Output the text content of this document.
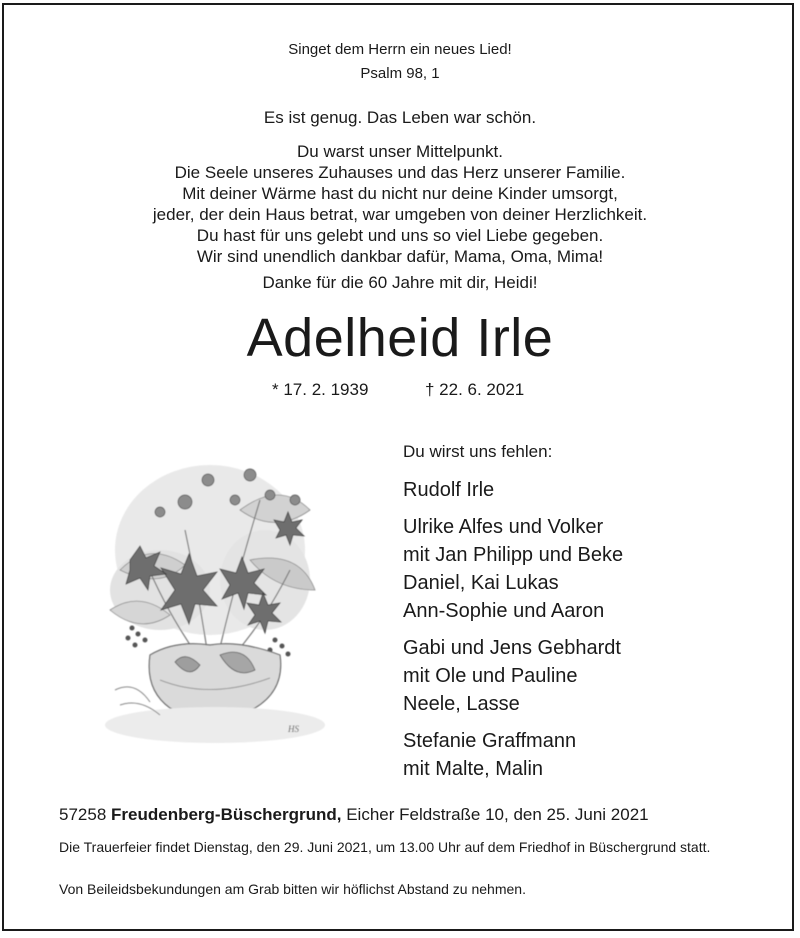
Singet dem Herrn ein neues Lied!
Psalm 98, 1
Es ist genug. Das Leben war schön.
Du warst unser Mittelpunkt.
Die Seele unseres Zuhauses und das Herz unserer Familie.
Mit deiner Wärme hast du nicht nur deine Kinder umsorgt,
jeder, der dein Haus betrat, war umgeben von deiner Herzlichkeit.
Du hast für uns gelebt und uns so viel Liebe gegeben.
Wir sind unendlich dankbar dafür, Mama, Oma, Mima!
Danke für die 60 Jahre mit dir, Heidi!
Adelheid Irle
* 17. 2. 1939	† 22. 6. 2021
HS
Du wirst uns fehlen:
Rudolf Irle
Ulrike Alfes und Volker
mit Jan Philipp und Beke
Daniel, Kai Lukas
Ann-Sophie und Aaron
Gabi und Jens Gebhardt
mit Ole und Pauline
Neele, Lasse
Stefanie Graffmann
mit Malte, Malin
57258 Freudenberg-Büschergrund, Eicher Feldstraße 10, den 25. Juni 2021
Die Trauerfeier findet Dienstag, den 29. Juni 2021, um 13.00 Uhr auf dem Friedhof in Büschergrund statt.
Von Beileidsbekundungen am Grab bitten wir höflichst Abstand zu nehmen.
